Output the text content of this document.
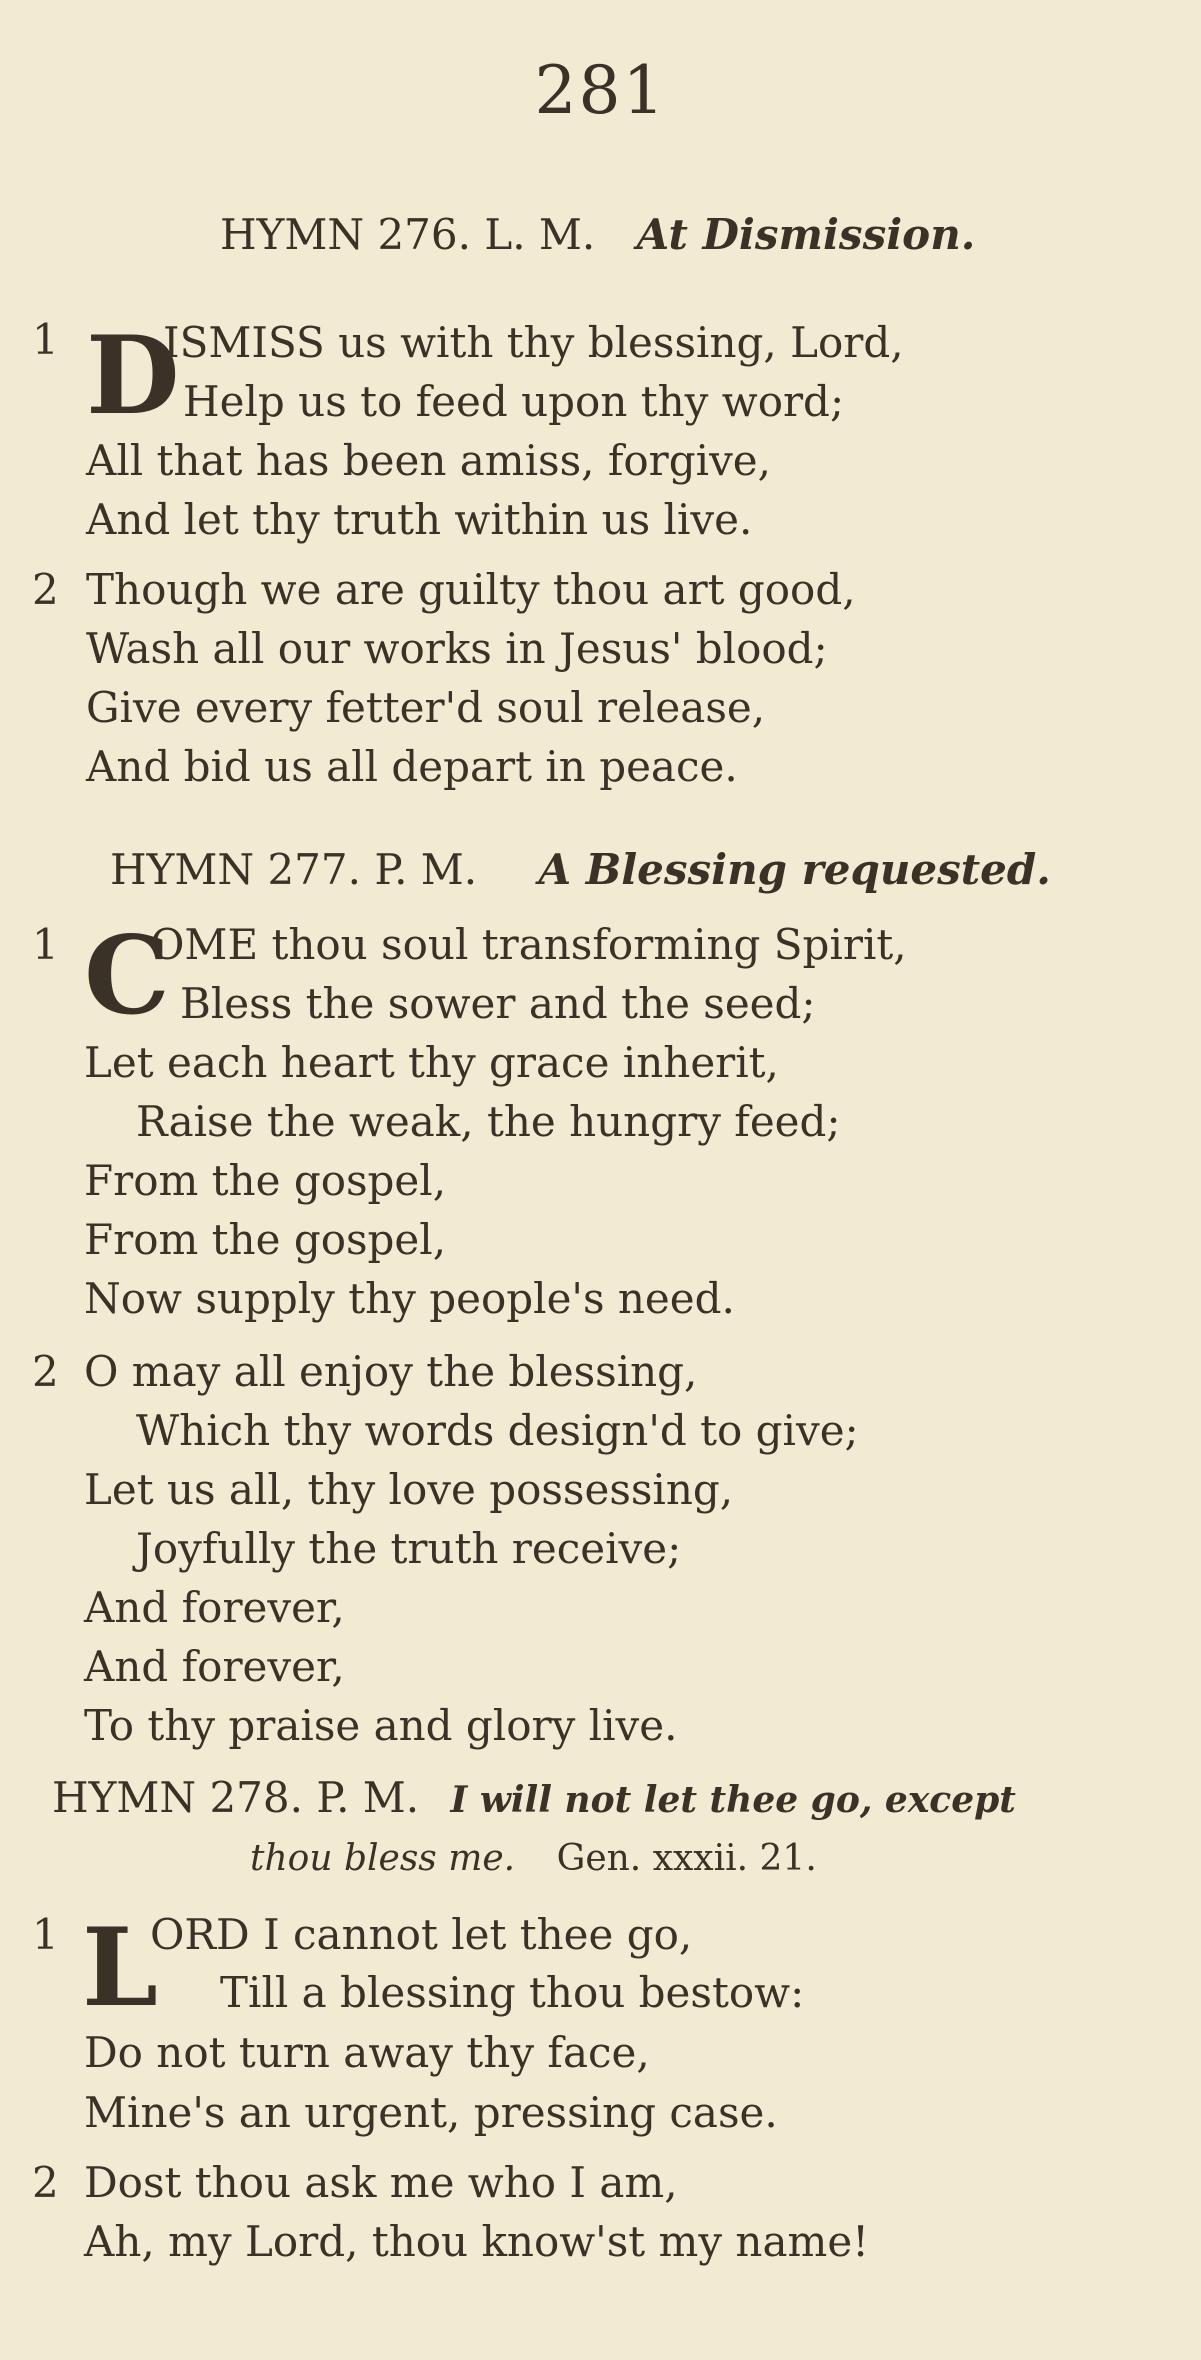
281
HYMN 276. L. M. At Dismission.
1 D
ISMISS us with thy blessing, Lord,
Help us to feed upon thy word;
All that has been amiss, forgive,
And let thy truth within us live.
2 Though we are guilty thou art good,
Wash all our works in Jesus' blood;
Give every fetter'd soul release,
And bid us all depart in peace.
HYMN 277. P. M. A Blessing requested.
1 C
OME thou soul transforming Spirit,
Bless the sower and the seed;
Let each heart thy grace inherit,
Raise the weak, the hungry feed;
From the gospel,
From the gospel,
Now supply thy people's need.
2 O may all enjoy the blessing,
Which thy words design'd to give;
Let us all, thy love possessing,
Joyfully the truth receive;
And forever,
And forever,
To thy praise and glory live.
HYMN 278. P. M. I will not let thee go, except
thou bless me. Gen. xxxii. 21.
1 L
ORD I cannot let thee go,
Till a blessing thou bestow:
Do not turn away thy face,
Mine's an urgent, pressing case.
2 Dost thou ask me who I am,
Ah, my Lord, thou know'st my name!
